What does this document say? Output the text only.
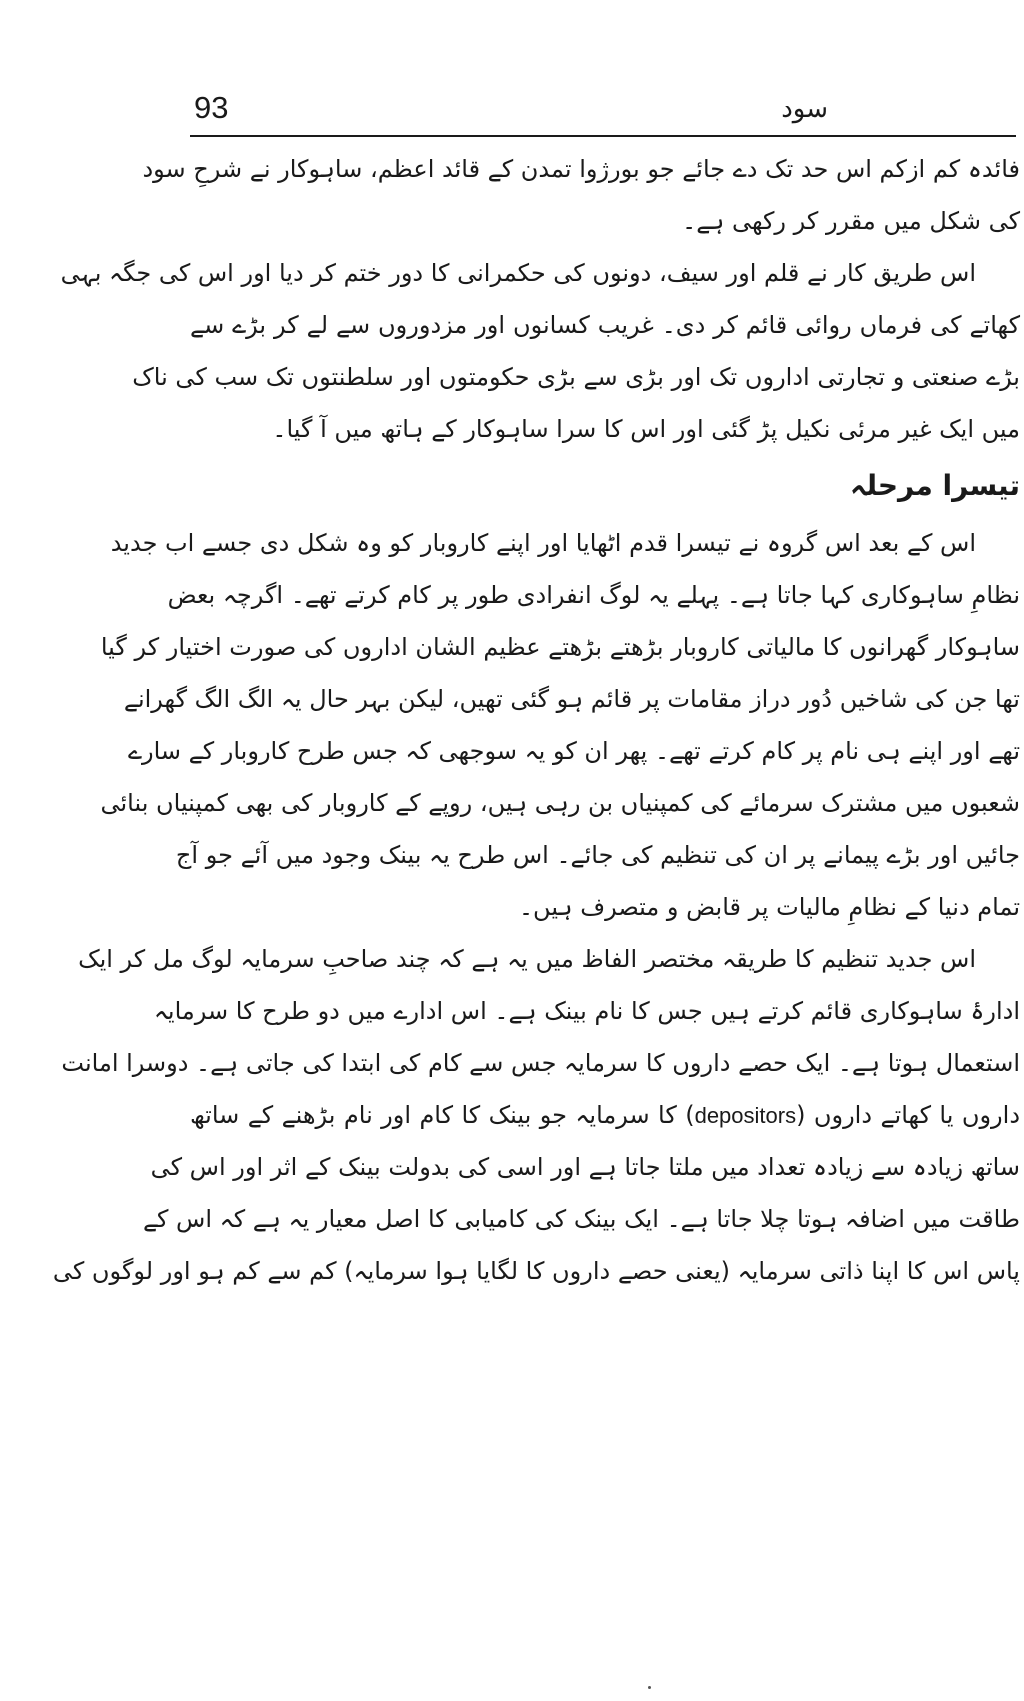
93	سود
فائدہ کم ازکم اس حد تک دے جائے جو بورژوا تمدن کے قائد اعظم، ساہوکار نے شرحِ سود
کی شکل میں مقرر کر رکھی ہے۔
اس طریق کار نے قلم اور سیف، دونوں کی حکمرانی کا دور ختم کر دیا اور اس کی جگہ بہی
کھاتے کی فرماں روائی قائم کر دی۔ غریب کسانوں اور مزدوروں سے لے کر بڑے سے
بڑے صنعتی و تجارتی اداروں تک اور بڑی سے بڑی حکومتوں اور سلطنتوں تک سب کی ناک
میں ایک غیر مرئی نکیل پڑ گئی اور اس کا سرا ساہوکار کے ہاتھ میں آ گیا۔
تیسرا مرحلہ
اس کے بعد اس گروہ نے تیسرا قدم اٹھایا اور اپنے کاروبار کو وہ شکل دی جسے اب جدید
نظامِ ساہوکاری کہا جاتا ہے۔ پہلے یہ لوگ انفرادی طور پر کام کرتے تھے۔ اگرچہ بعض
ساہوکار گھرانوں کا مالیاتی کاروبار بڑھتے بڑھتے عظیم الشان اداروں کی صورت اختیار کر گیا
تھا جن کی شاخیں دُور دراز مقامات پر قائم ہو گئی تھیں، لیکن بہر حال یہ الگ الگ گھرانے
تھے اور اپنے ہی نام پر کام کرتے تھے۔ پھر ان کو یہ سوجھی کہ جس طرح کاروبار کے سارے
شعبوں میں مشترک سرمائے کی کمپنیاں بن رہی ہیں، روپے کے کاروبار کی بھی کمپنیاں بنائی
جائیں اور بڑے پیمانے پر ان کی تنظیم کی جائے۔ اس طرح یہ بینک وجود میں آئے جو آج
تمام دنیا کے نظامِ مالیات پر قابض و متصرف ہیں۔
اس جدید تنظیم کا طریقہ مختصر الفاظ میں یہ ہے کہ چند صاحبِ سرمایہ لوگ مل کر ایک
ادارۂ ساہوکاری قائم کرتے ہیں جس کا نام بینک ہے۔ اس ادارے میں دو طرح کا سرمایہ
استعمال ہوتا ہے۔ ایک حصے داروں کا سرمایہ جس سے کام کی ابتدا کی جاتی ہے۔ دوسرا امانت
داروں یا کھاتے داروں (depositors) کا سرمایہ جو بینک کا کام اور نام بڑھنے کے ساتھ
ساتھ زیادہ سے زیادہ تعداد میں ملتا جاتا ہے اور اسی کی بدولت بینک کے اثر اور اس کی
طاقت میں اضافہ ہوتا چلا جاتا ہے۔ ایک بینک کی کامیابی کا اصل معیار یہ ہے کہ اس کے
پاس اس کا اپنا ذاتی سرمایہ (یعنی حصے داروں کا لگایا ہوا سرمایہ) کم سے کم ہو اور لوگوں کی
